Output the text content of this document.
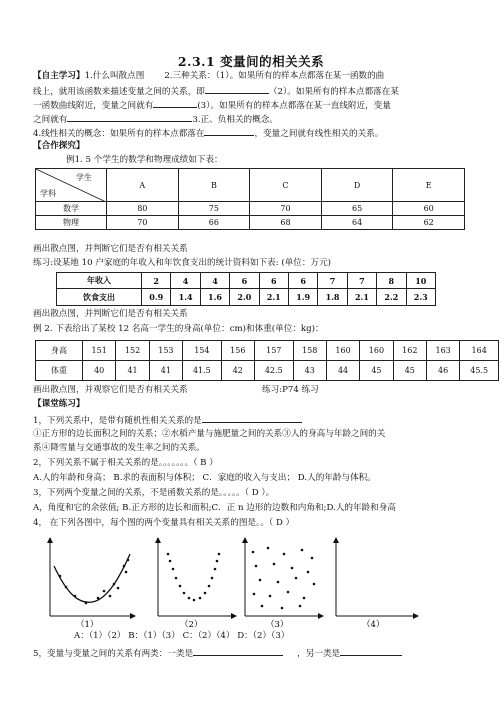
2.3.1 变量间的相关关系
【自主学习】1.什么叫散点图 2.三种关系：（1）。如果所有的样本点都落在某一函数的曲
线上，就用该函数来描述变量之间的关系，即	（2）。如果所有的样本点都落在某
一函数曲线附近，变量之间就有	(3）。如果所有的样本点都落在某一直线附近，变量
之间就有	3.正、负相关的概念。
4.线性相关的概念：如果所有的样本点都落在	，变量之间就有线性相关的关系。
【合作探究】
例1. 5 个学生的数学和物理成绩如下表：
学生
学科	A	B	C	D	E
数学	80	75	70	65	60
物理	70	66	68	64	62
画出散点图，并判断它们是否有相关关系
练习:设某地 10 户家庭的年收入和年饮食支出的统计资料如下表: (单位：万元)
年收入	2	4	4	6	6	6	7	7	8	10
饮食支出	0.9	1.4	1.6	2.0	2.1	1.9	1.8	2.1	2.2	2.3
画出散点图，并判断它们是否有相关关系
例 2. 下表给出了某校 12 名高一学生的身高(单位：cm)和体重(单位：kg)：
身高	151	152	153	154	156	157	158	160	160	162	163	164
体重	40	41	41	41.5	42	42.5	43	44	45	45	46	45.5
画出散点图，并观察它们是否有相关关系	练习:P74 练习
【课堂练习】
1，下列关系中，是带有随机性相关关系的是
①正方形的边长面积之间的关系；②水稻产量与施肥量之间的关系③人的身高与年龄之间的关
系④降雪量与交通事故的发生率之间的关系。
2，下列关系不属于相关关系的是。。。。。。。（ B ）
A.人的年龄和身高； B.求的表面积与体积； C．家庭的收入与支出； D.人的年龄与体积。
3，下列两个变量之间的关系，不是函数关系的是。。。。。（ D ）。
A，角度和它的余弦值; B.正方形的边长和面积;C．正 n 边形的边数和内角和;D.人的年龄和身高
4， 在下列各图中，每个图的两个变量具有相关关系的图是。。（ D ）
（1）	（2）	（3）	（4）
A：（1）（2） B：（1）（3） C：（2）（4） D：（2）（3）
5，变量与变量之间的关系有两类：一类是	，另一类是
